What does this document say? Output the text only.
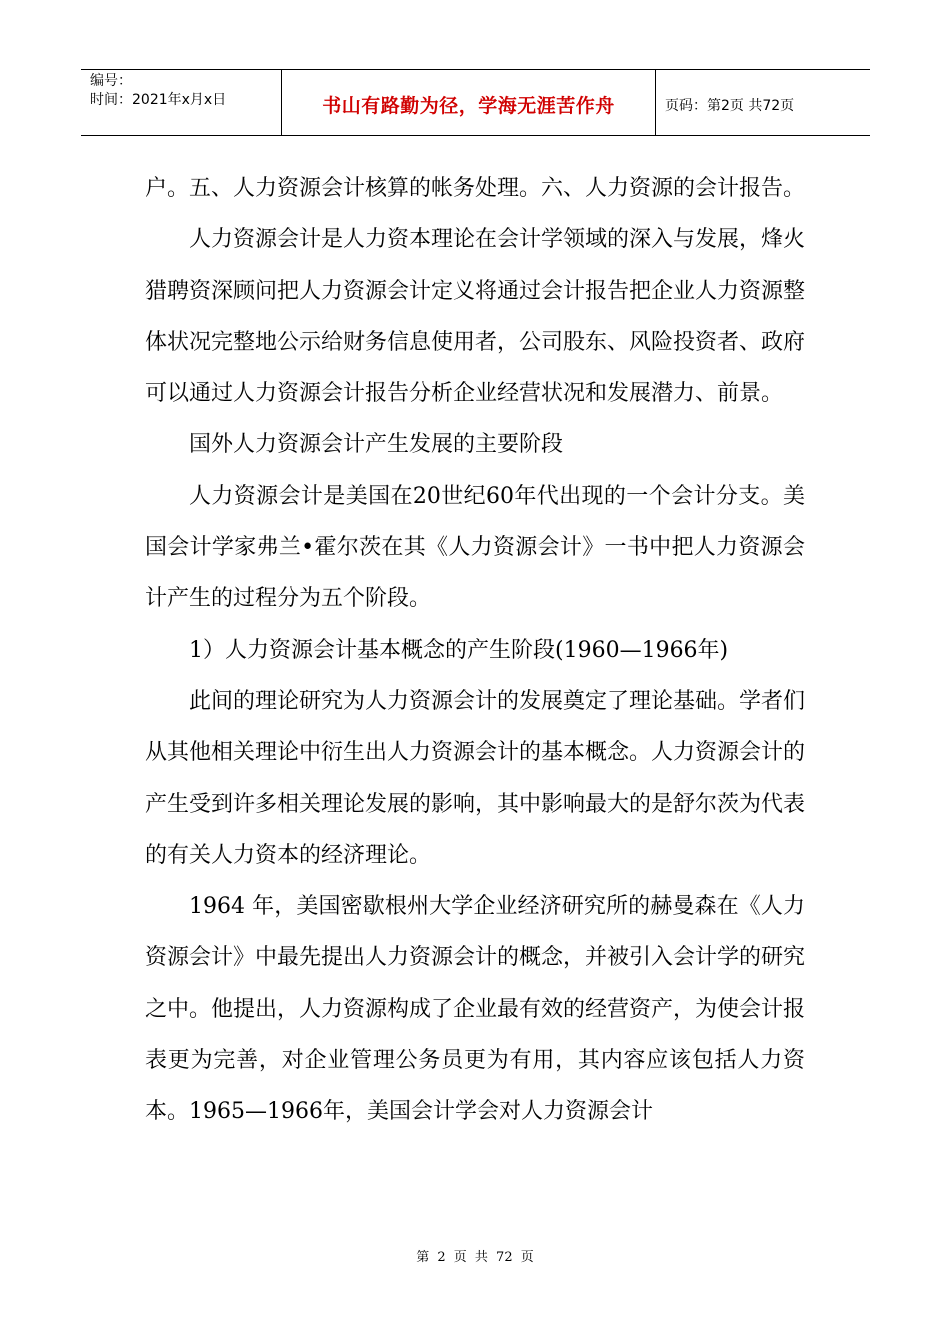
编号：
时间：2021年x月x日	书山有路勤为径，学海无涯苦作舟	页码：第2页 共72页

户。五、人力资源会计核算的帐务处理。六、人力资源的会计报告。

人力资源会计是人力资本理论在会计学领域的深入与发展，烽火猎聘资深顾问把人力资源会计定义将通过会计报告把企业人力资源整体状况完整地公示给财务信息使用者，公司股东、风险投资者、政府可以通过人力资源会计报告分析企业经营状况和发展潜力、前景。

国外人力资源会计产生发展的主要阶段

人力资源会计是美国在20世纪60年代出现的一个会计分支。美国会计学家弗兰•霍尔茨在其《人力资源会计》一书中把人力资源会计产生的过程分为五个阶段。

1）人力资源会计基本概念的产生阶段(1960—1966年)

此间的理论研究为人力资源会计的发展奠定了理论基础。学者们从其他相关理论中衍生出人力资源会计的基本概念。人力资源会计的产生受到许多相关理论发展的影响，其中影响最大的是舒尔茨为代表的有关人力资本的经济理论。

1964 年，美国密歇根州大学企业经济研究所的赫曼森在《人力资源会计》中最先提出人力资源会计的概念，并被引入会计学的研究之中。他提出，人力资源构成了企业最有效的经营资产，为使会计报表更为完善，对企业管理公务员更为有用，其内容应该包括人力资本。1965—1966年，美国会计学会对人力资源会计

第 2 页 共 72 页
